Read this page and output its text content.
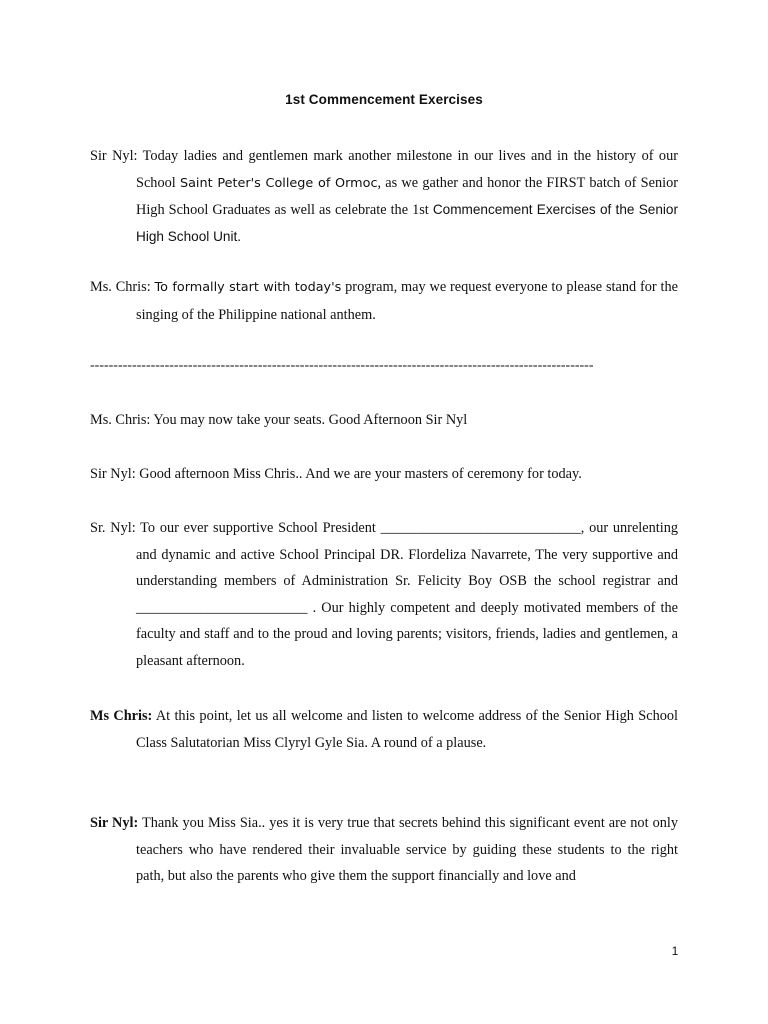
1st Commencement Exercises

Sir Nyl: Today ladies and gentlemen mark another milestone in our lives and in the history of our School Saint Peter's College of Ormoc, as we gather and honor the FIRST batch of Senior High School Graduates as well as celebrate the 1st Commencement Exercises of the Senior High School Unit.

Ms. Chris: To formally start with today's program, may we request everyone to please stand for the singing of the Philippine national anthem.

------------------------------------------------------------------------------------------------------------

Ms. Chris: You may now take your seats. Good Afternoon Sir Nyl

Sir Nyl: Good afternoon Miss Chris.. And we are your masters of ceremony for today.

Sr. Nyl: To our ever supportive School President ____________________________, our unrelenting and dynamic and active School Principal DR. Flordeliza Navarrete, The very supportive and understanding members of Administration Sr. Felicity Boy OSB the school registrar and ________________________ . Our highly competent and deeply motivated members of the faculty and staff and to the proud and loving parents; visitors, friends, ladies and gentlemen, a pleasant afternoon.

Ms Chris: At this point, let us all welcome and listen to welcome address of the Senior High School Class Salutatorian Miss Clyryl Gyle Sia. A round of a plause.

Sir Nyl: Thank you Miss Sia.. yes it is very true that secrets behind this significant event are not only teachers who have rendered their invaluable service by guiding these students to the right path, but also the parents who give them the support financially and love and

1
